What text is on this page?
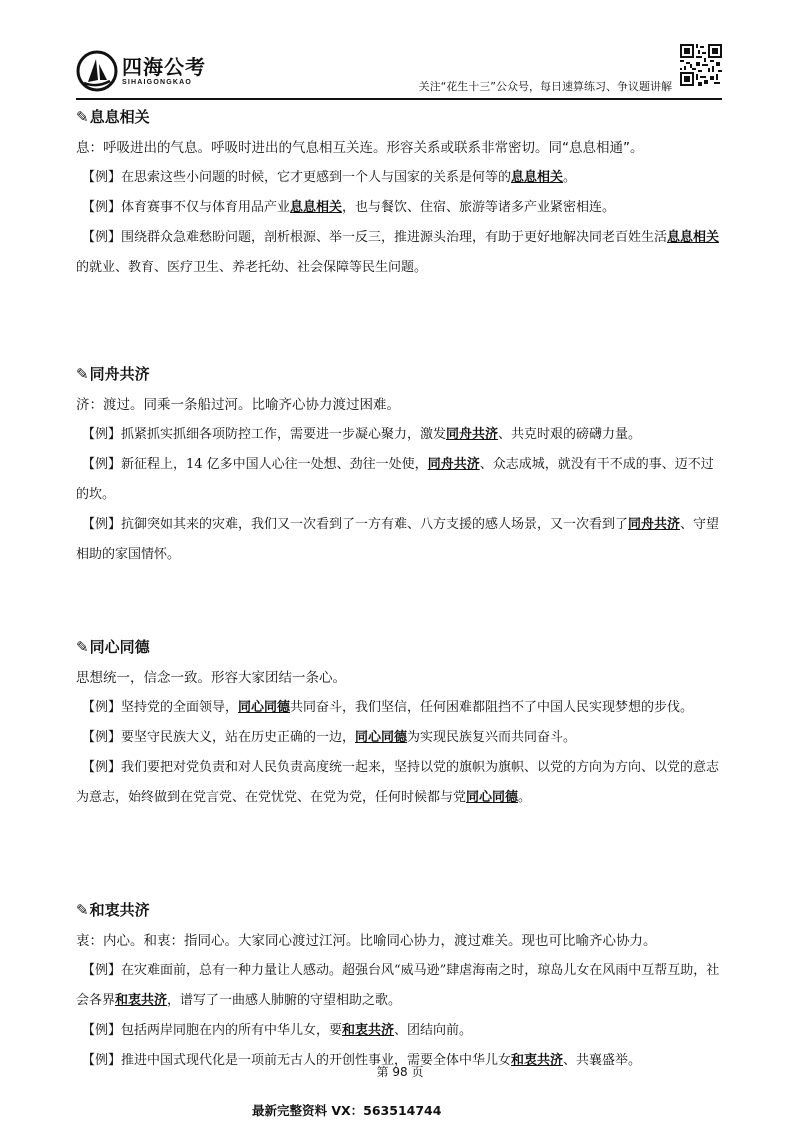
四海公考
SIHAIGONGKAO	关注“花生十三”公众号，每日速算练习、争议题讲解
✎息息相关
息：呼吸进出的气息。呼吸时进出的气息相互关连。形容关系或联系非常密切。同“息息相通”。
【例】在思索这些小问题的时候，它才更感到一个人与国家的关系是何等的息息相关。
【例】体育赛事不仅与体育用品产业息息相关，也与餐饮、住宿、旅游等诸多产业紧密相连。
【例】围绕群众急难愁盼问题，剖析根源、举一反三，推进源头治理，有助于更好地解决同老百姓生活息息相关的就业、教育、医疗卫生、养老托幼、社会保障等民生问题。
✎同舟共济
济：渡过。同乘一条船过河。比喻齐心协力渡过困难。
【例】抓紧抓实抓细各项防控工作，需要进一步凝心聚力，激发同舟共济、共克时艰的磅礴力量。
【例】新征程上，14 亿多中国人心往一处想、劲往一处使，同舟共济、众志成城，就没有干不成的事、迈不过的坎。
【例】抗御突如其来的灾难，我们又一次看到了一方有难、八方支援的感人场景，又一次看到了同舟共济、守望相助的家国情怀。
✎同心同德
思想统一，信念一致。形容大家团结一条心。
【例】坚持党的全面领导，同心同德共同奋斗，我们坚信，任何困难都阻挡不了中国人民实现梦想的步伐。
【例】要坚守民族大义，站在历史正确的一边，同心同德为实现民族复兴而共同奋斗。
【例】我们要把对党负责和对人民负责高度统一起来，坚持以党的旗帜为旗帜、以党的方向为方向、以党的意志为意志，始终做到在党言党、在党忧党、在党为党，任何时候都与党同心同德。
✎和衷共济
衷：内心。和衷：指同心。大家同心渡过江河。比喻同心协力，渡过难关。现也可比喻齐心协力。
【例】在灾难面前，总有一种力量让人感动。超强台风“威马逊”肆虐海南之时，琼岛儿女在风雨中互帮互助，社会各界和衷共济，谱写了一曲感人肺腑的守望相助之歌。
【例】包括两岸同胞在内的所有中华儿女，要和衷共济、团结向前。
【例】推进中国式现代化是一项前无古人的开创性事业，需要全体中华儿女和衷共济、共襄盛举。
第 98 页
最新完整资料 VX：563514744
